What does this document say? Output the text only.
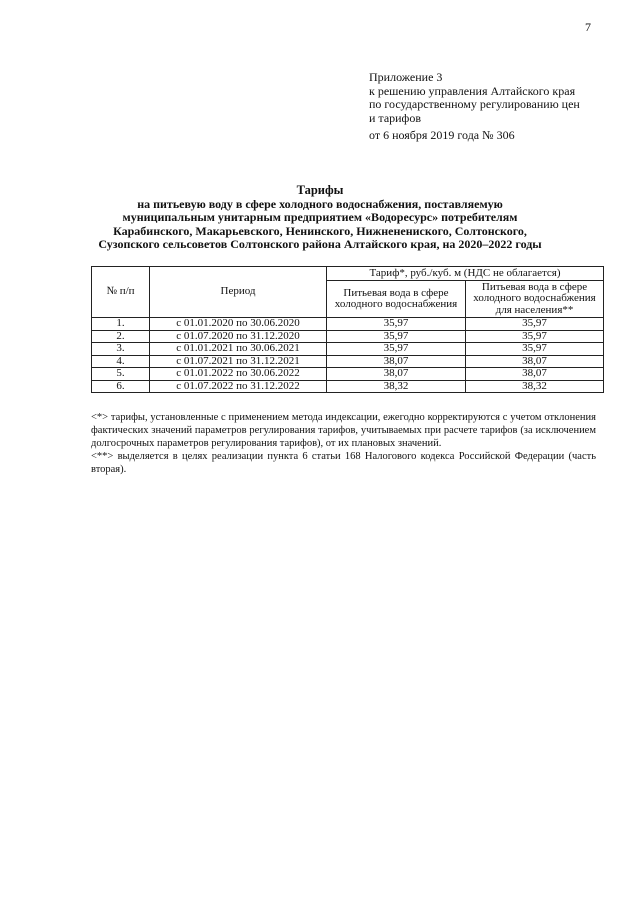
7
Приложение 3
к решению управления Алтайского края
по государственному регулированию цен
и тарифов
от 6 ноября 2019 года № 306
Тарифы
на питьевую воду в сфере холодного водоснабжения, поставляемую
муниципальным унитарным предприятием «Водоресурс» потребителям
Карабинского, Макарьевского, Ненинского, Нижненениского, Солтонского,
Сузопского сельсоветов Солтонского района Алтайского края, на 2020–2022 годы
№ п/п	Период	Тариф*, руб./куб. м (НДС не облагается)	
		Питьевая вода в сфере холодного водоснабжения	Питьевая вода в сфере холодного водоснабжения для населения**
1.	с 01.01.2020 по 30.06.2020	35,97	35,97
2.	с 01.07.2020 по 31.12.2020	35,97	35,97
3.	с 01.01.2021 по 30.06.2021	35,97	35,97
4.	с 01.07.2021 по 31.12.2021	38,07	38,07
5.	с 01.01.2022 по 30.06.2022	38,07	38,07
6.	с 01.07.2022 по 31.12.2022	38,32	38,32

<*> тарифы, установленные с применением метода индексации, ежегодно корректируются с учетом отклонения фактических значений параметров регулирования тарифов, учитываемых при расчете тарифов (за исключением долгосрочных параметров регулирования тарифов), от их плановых значений.

<**> выделяется в целях реализации пункта 6 статьи 168 Налогового кодекса Российской Федерации (часть вторая).
